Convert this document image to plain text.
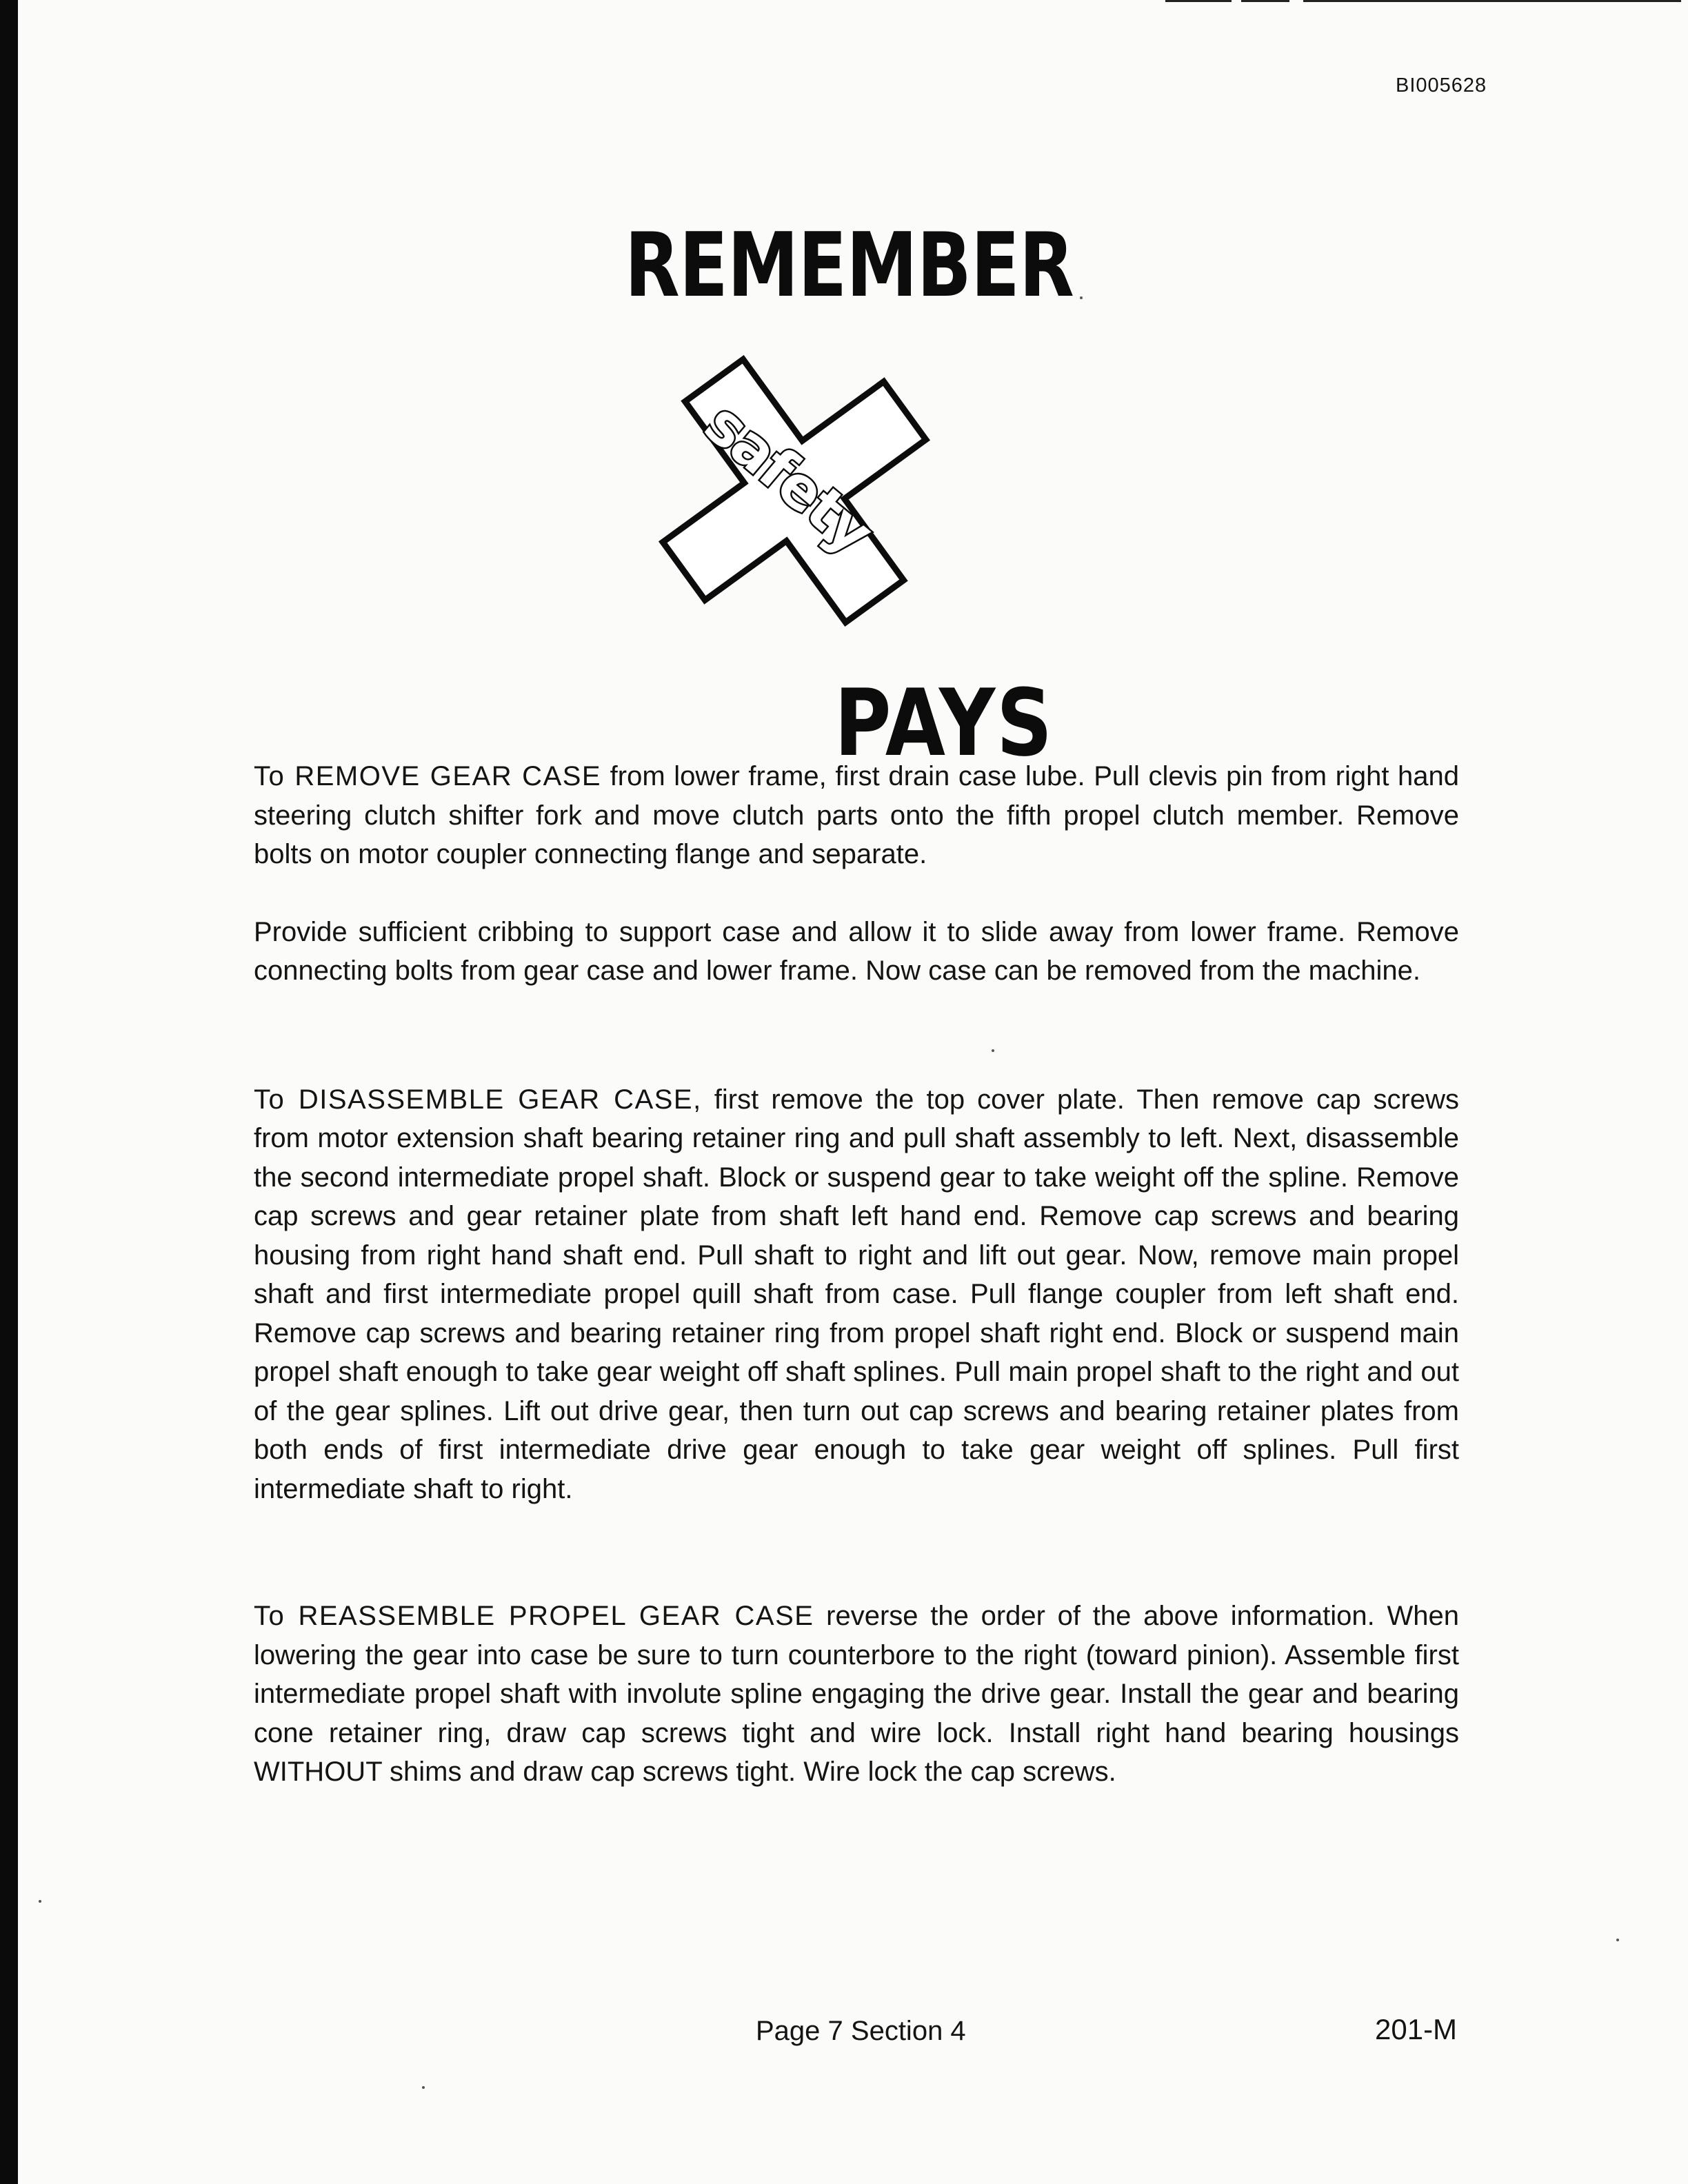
BI005628
REMEMBER
safety
PAYS

To REMOVE GEAR CASE from lower frame, first drain case lube. Pull clevis pin from right hand steering clutch shifter fork and move clutch parts onto the fifth propel clutch member. Remove bolts on motor coupler connecting flange and separate.

Provide sufficient cribbing to support case and allow it to slide away from lower frame. Remove connecting bolts from gear case and lower frame. Now case can be removed from the machine.

To DISASSEMBLE GEAR CASE, first remove the top cover plate. Then remove cap screws from motor extension shaft bearing retainer ring and pull shaft assembly to left. Next, disassemble the second intermediate propel shaft. Block or suspend gear to take weight off the spline. Remove cap screws and gear retainer plate from shaft left hand end. Remove cap screws and bearing housing from right hand shaft end. Pull shaft to right and lift out gear. Now, remove main propel shaft and first intermediate propel quill shaft from case. Pull flange coupler from left shaft end. Remove cap screws and bearing retainer ring from propel shaft right end. Block or suspend main propel shaft enough to take gear weight off shaft splines. Pull main propel shaft to the right and out of the gear splines. Lift out drive gear, then turn out cap screws and bearing retainer plates from both ends of first intermediate drive gear enough to take gear weight off splines. Pull first intermediate shaft to right.

To REASSEMBLE PROPEL GEAR CASE reverse the order of the above information. When lowering the gear into case be sure to turn counterbore to the right (toward pinion). Assemble first intermediate propel shaft with involute spline engaging the drive gear. Install the gear and bearing cone retainer ring, draw cap screws tight and wire lock. Install right hand bearing housings WITHOUT shims and draw cap screws tight. Wire lock the cap screws.

Page 7 Section 4	201-M
